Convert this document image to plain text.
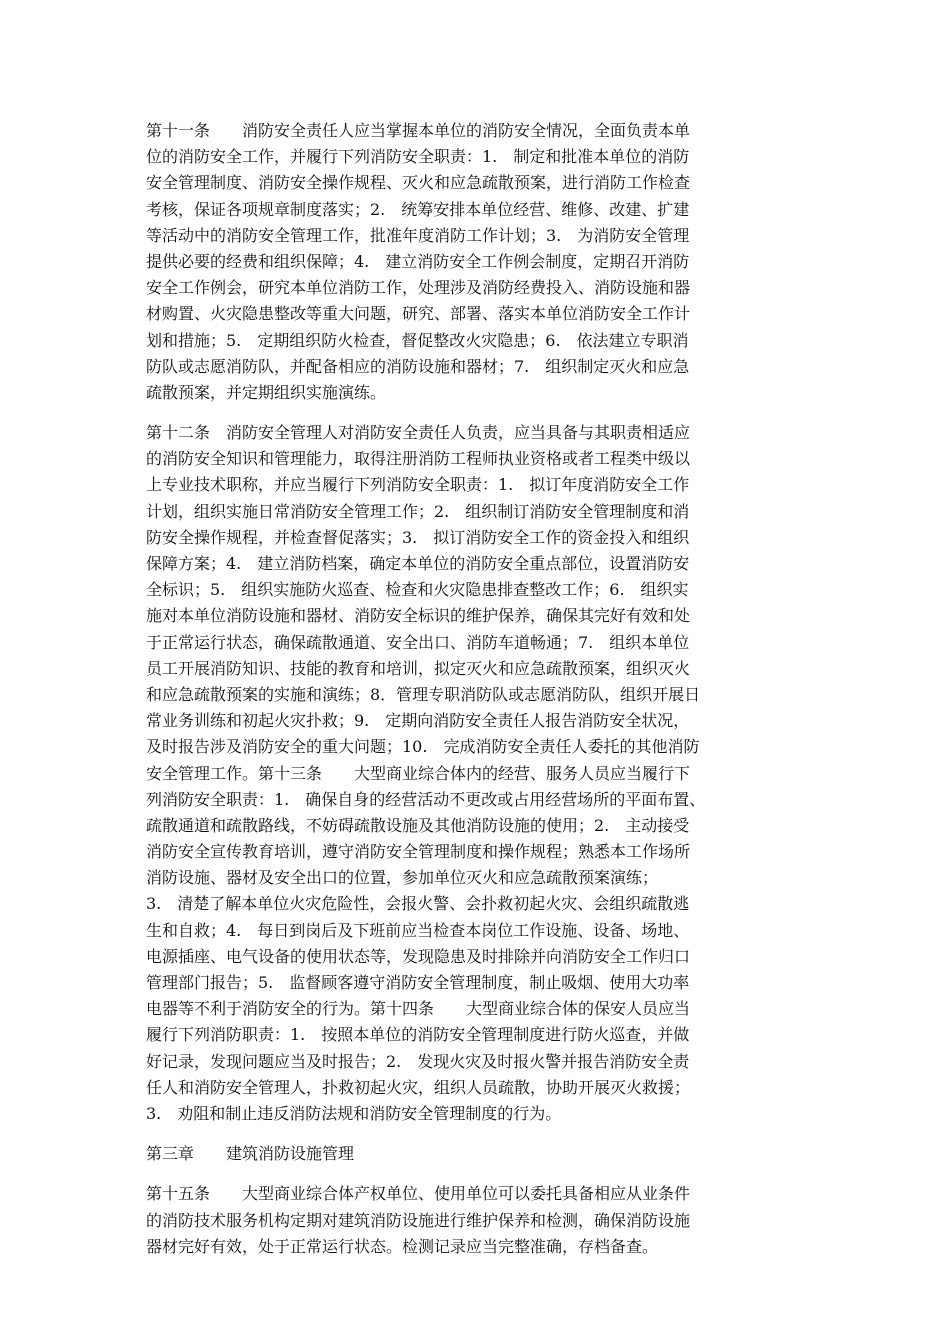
第十一条　　消防安全责任人应当掌握本单位的消防安全情况，全面负责本单
位的消防安全工作，并履行下列消防安全职责：1.　制定和批准本单位的消防
安全管理制度、消防安全操作规程、灭火和应急疏散预案，进行消防工作检查
考核，保证各项规章制度落实；2.　统筹安排本单位经营、维修、改建、扩建
等活动中的消防安全管理工作，批准年度消防工作计划；3.　为消防安全管理
提供必要的经费和组织保障；4.　建立消防安全工作例会制度，定期召开消防
安全工作例会，研究本单位消防工作，处理涉及消防经费投入、消防设施和器
材购置、火灾隐患整改等重大问题，研究、部署、落实本单位消防安全工作计
划和措施；5.　定期组织防火检查，督促整改火灾隐患；6.　依法建立专职消
防队或志愿消防队，并配备相应的消防设施和器材；7.　组织制定灭火和应急
疏散预案，并定期组织实施演练。
第十二条　消防安全管理人对消防安全责任人负责，应当具备与其职责相适应
的消防安全知识和管理能力，取得注册消防工程师执业资格或者工程类中级以
上专业技术职称，并应当履行下列消防安全职责：1.　拟订年度消防安全工作
计划，组织实施日常消防安全管理工作；2.　组织制订消防安全管理制度和消
防安全操作规程，并检查督促落实；3.　拟订消防安全工作的资金投入和组织
保障方案；4.　建立消防档案，确定本单位的消防安全重点部位，设置消防安
全标识；5.　组织实施防火巡查、检查和火灾隐患排查整改工作；6.　组织实
施对本单位消防设施和器材、消防安全标识的维护保养，确保其完好有效和处
于正常运行状态，确保疏散通道、安全出口、消防车道畅通；7.　组织本单位
员工开展消防知识、技能的教育和培训，拟定灭火和应急疏散预案，组织灭火
和应急疏散预案的实施和演练；8．管理专职消防队或志愿消防队，组织开展日
常业务训练和初起火灾扑救；9.　定期向消防安全责任人报告消防安全状况，
及时报告涉及消防安全的重大问题；10.　完成消防安全责任人委托的其他消防
安全管理工作。第十三条　　大型商业综合体内的经营、服务人员应当履行下
列消防安全职责：1.　确保自身的经营活动不更改或占用经营场所的平面布置、
疏散通道和疏散路线，不妨碍疏散设施及其他消防设施的使用；2.　主动接受
消防安全宣传教育培训，遵守消防安全管理制度和操作规程；熟悉本工作场所
消防设施、器材及安全出口的位置，参加单位灭火和应急疏散预案演练；
3.　清楚了解本单位火灾危险性，会报火警、会扑救初起火灾、会组织疏散逃
生和自救；4.　每日到岗后及下班前应当检查本岗位工作设施、设备、场地、
电源插座、电气设备的使用状态等，发现隐患及时排除并向消防安全工作归口
管理部门报告；5.　监督顾客遵守消防安全管理制度，制止吸烟、使用大功率
电器等不利于消防安全的行为。第十四条　　大型商业综合体的保安人员应当
履行下列消防职责：1.　按照本单位的消防安全管理制度进行防火巡查，并做
好记录，发现问题应当及时报告；2.　发现火灾及时报火警并报告消防安全责
任人和消防安全管理人，扑救初起火灾，组织人员疏散，协助开展灭火救援；
3.　劝阻和制止违反消防法规和消防安全管理制度的行为。
第三章　　建筑消防设施管理
第十五条　　大型商业综合体产权单位、使用单位可以委托具备相应从业条件
的消防技术服务机构定期对建筑消防设施进行维护保养和检测，确保消防设施
器材完好有效，处于正常运行状态。检测记录应当完整准确，存档备查。
